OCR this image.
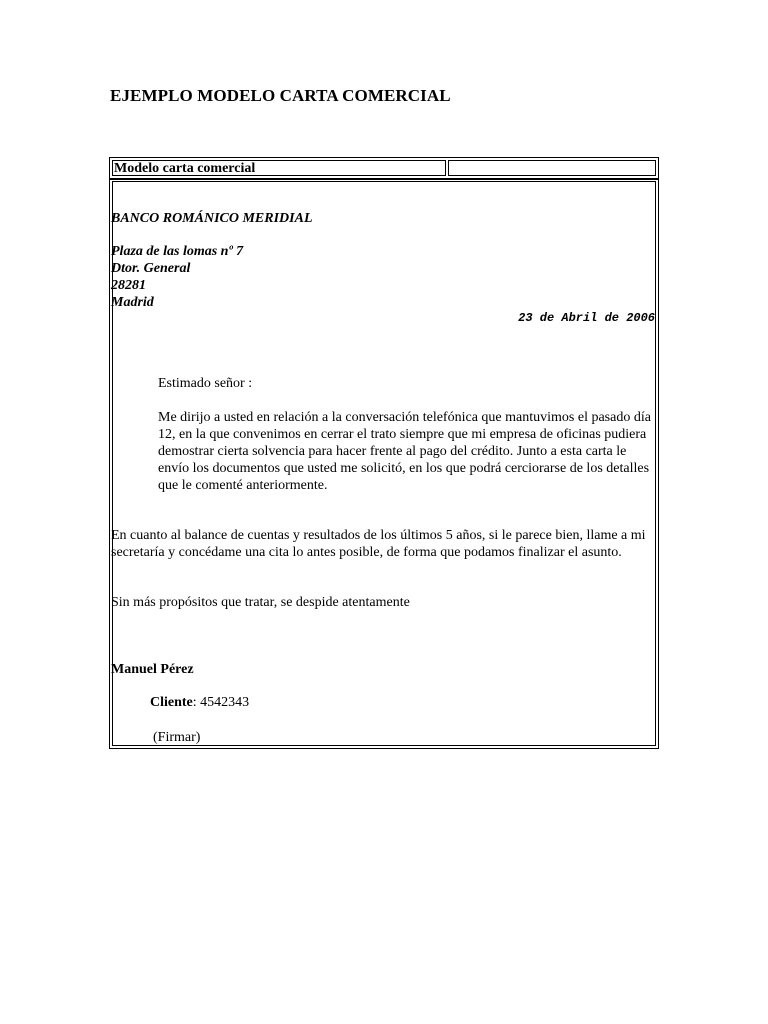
EJEMPLO MODELO CARTA COMERCIAL
Modelo carta comercial
BANCO ROMÁNICO MERIDIAL
Plaza de las lomas nº 7
Dtor. General
28281
Madrid
23 de Abril de 2006
Estimado señor :
Me dirijo a usted en relación a la conversación telefónica que mantuvimos el pasado día 12, en la que convenimos en cerrar el trato siempre que mi empresa de oficinas pudiera demostrar cierta solvencia para hacer frente al pago del crédito. Junto a esta carta le envío los documentos que usted me solicitó, en los que podrá cerciorarse de los detalles que le comenté anteriormente.
En cuanto al balance de cuentas y resultados de los últimos 5 años, si le parece bien, llame a mi secretaría y concédame una cita lo antes posible, de forma que podamos finalizar el asunto.
Sin más propósitos que tratar, se despide atentamente
Manuel Pérez
Cliente: 4542343
(Firmar)
